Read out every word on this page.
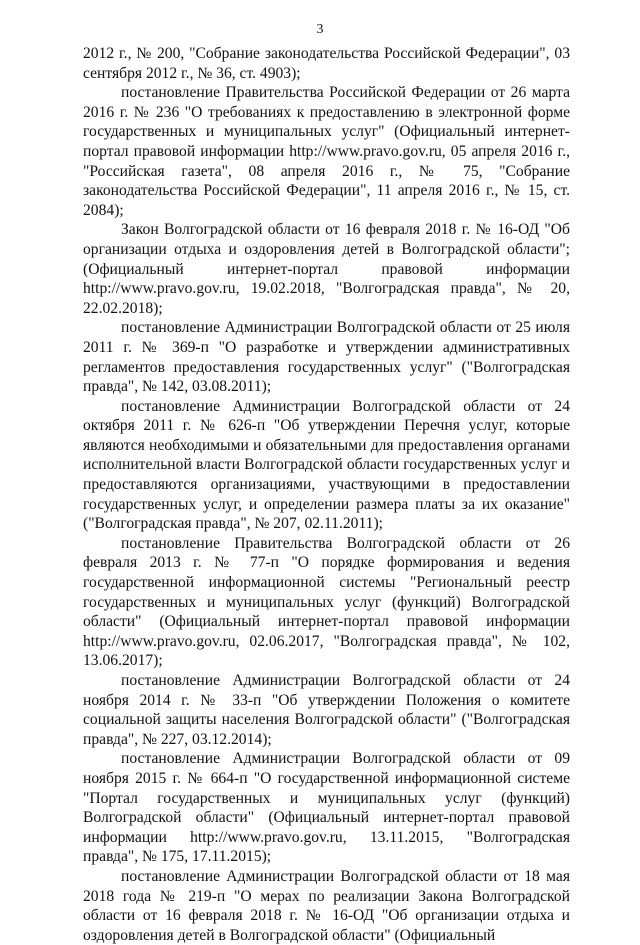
3

2012 г., № 200, "Собрание законодательства Российской Федерации", 03 сентября 2012 г., № 36, ст. 4903);

постановление Правительства Российской Федерации от 26 марта 2016 г. № 236 "О требованиях к предоставлению в электронной форме государственных и муниципальных услуг" (Официальный интернет-портал правовой информации http://www.pravo.gov.ru, 05 апреля 2016 г., "Российская газета", 08 апреля 2016 г., № 75, "Собрание законодательства Российской Федерации", 11 апреля 2016 г., № 15, ст. 2084);

Закон Волгоградской области от 16 февраля 2018 г. № 16-ОД "Об организации отдыха и оздоровления детей в Волгоградской области"; (Официальный интернет-портал правовой информации http://www.pravo.gov.ru, 19.02.2018, "Волгоградская правда", № 20, 22.02.2018);

постановление Администрации Волгоградской области от 25 июля 2011 г. № 369-п "О разработке и утверждении административных регламентов предоставления государственных услуг" ("Волгоградская правда", № 142, 03.08.2011);

постановление Администрации Волгоградской области от 24 октября 2011 г. № 626-п "Об утверждении Перечня услуг, которые являются необходимыми и обязательными для предоставления органами исполнительной власти Волгоградской области государственных услуг и предоставляются организациями, участвующими в предоставлении государственных услуг, и определении размера платы за их оказание" ("Волгоградская правда", № 207, 02.11.2011);

постановление Правительства Волгоградской области от 26 февраля 2013 г. № 77-п "О порядке формирования и ведения государственной информационной системы "Региональный реестр государственных и муниципальных услуг (функций) Волгоградской области" (Официальный интернет-портал правовой информации http://www.pravo.gov.ru, 02.06.2017, "Волгоградская правда", № 102, 13.06.2017);

постановление Администрации Волгоградской области от 24 ноября 2014 г. № 33-п "Об утверждении Положения о комитете социальной защиты населения Волгоградской области" ("Волгоградская правда", № 227, 03.12.2014);

постановление Администрации Волгоградской области от 09 ноября 2015 г. № 664-п "О государственной информационной системе "Портал государственных и муниципальных услуг (функций) Волгоградской области" (Официальный интернет-портал правовой информации http://www.pravo.gov.ru, 13.11.2015, "Волгоградская правда", № 175, 17.11.2015);

постановление Администрации Волгоградской области от 18 мая 2018 года № 219-п "О мерах по реализации Закона Волгоградской области от 16 февраля 2018 г. № 16-ОД "Об организации отдыха и оздоровления детей в Волгоградской области" (Официальный
